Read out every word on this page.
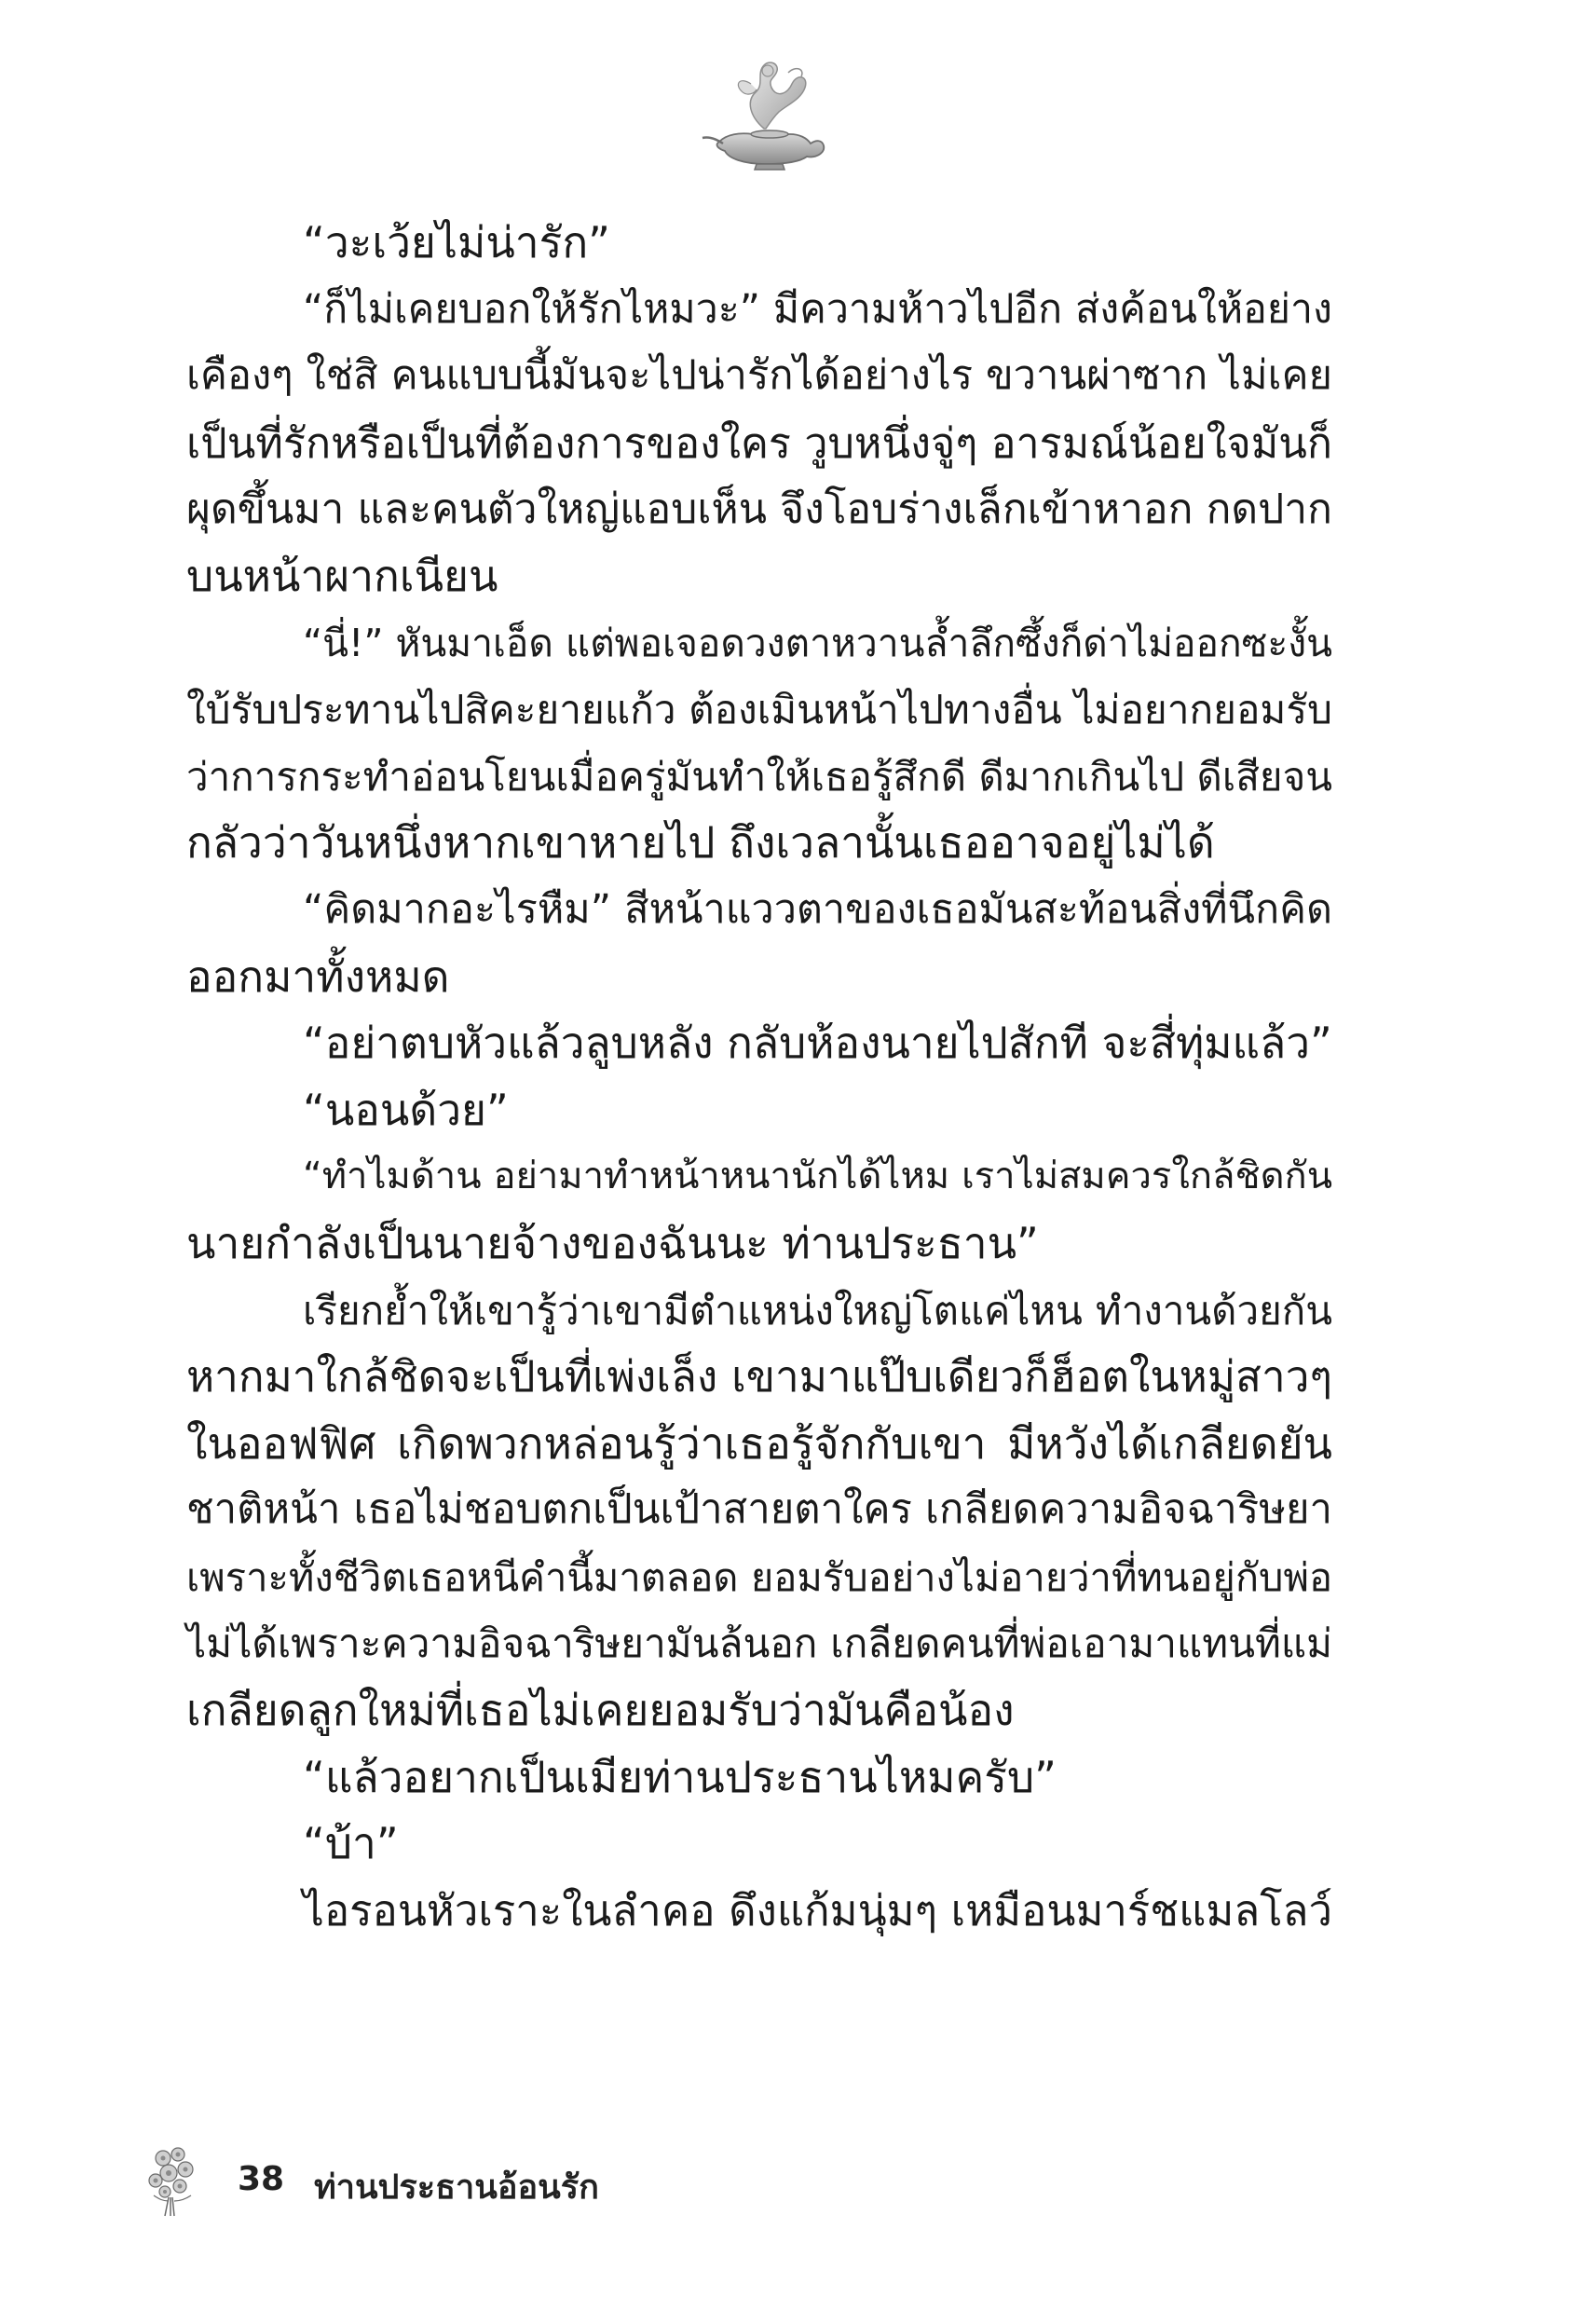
“วะเว้ยไม่น่ารัก”
“ก็ไม่เคยบอกให้รักไหมวะ” มีความห้าวไปอีก ส่งค้อนให้อย่าง
เคืองๆ ใช่สิ คนแบบนี้มันจะไปน่ารักได้อย่างไร ขวานผ่าซาก ไม่เคย
เป็นที่รักหรือเป็นที่ต้องการของใคร วูบหนึ่งจู่ๆ อารมณ์น้อยใจมันก็
ผุดขึ้นมา และคนตัวใหญ่แอบเห็น จึงโอบร่างเล็กเข้าหาอก กดปาก
บนหน้าผากเนียน
“นี่!” หันมาเอ็ด แต่พอเจอดวงตาหวานล้ำลึกซึ้งก็ด่าไม่ออกซะงั้น
ใบ้รับประทานไปสิคะยายแก้ว ต้องเมินหน้าไปทางอื่น ไม่อยากยอมรับ
ว่าการกระทำอ่อนโยนเมื่อครู่มันทำให้เธอรู้สึกดี ดีมากเกินไป ดีเสียจน
กลัวว่าวันหนึ่งหากเขาหายไป ถึงเวลานั้นเธออาจอยู่ไม่ได้
“คิดมากอะไรหืม” สีหน้าแววตาของเธอมันสะท้อนสิ่งที่นึกคิด
ออกมาทั้งหมด
“อย่าตบหัวแล้วลูบหลัง กลับห้องนายไปสักที จะสี่ทุ่มแล้ว”
“นอนด้วย”
“ทำไมด้าน อย่ามาทำหน้าหนานักได้ไหม เราไม่สมควรใกล้ชิดกัน
นายกำลังเป็นนายจ้างของฉันนะ ท่านประธาน”
เรียกย้ำให้เขารู้ว่าเขามีตำแหน่งใหญ่โตแค่ไหน ทำงานด้วยกัน
หากมาใกล้ชิดจะเป็นที่เพ่งเล็ง เขามาแป๊บเดียวก็ฮ็อตในหมู่สาวๆ
ในออฟฟิศ เกิดพวกหล่อนรู้ว่าเธอรู้จักกับเขา มีหวังได้เกลียดยัน
ชาติหน้า เธอไม่ชอบตกเป็นเป้าสายตาใคร เกลียดความอิจฉาริษยา
เพราะทั้งชีวิตเธอหนีคำนี้มาตลอด ยอมรับอย่างไม่อายว่าที่ทนอยู่กับพ่อ
ไม่ได้เพราะความอิจฉาริษยามันล้นอก เกลียดคนที่พ่อเอามาแทนที่แม่
เกลียดลูกใหม่ที่เธอไม่เคยยอมรับว่ามันคือน้อง
“แล้วอยากเป็นเมียท่านประธานไหมครับ”
“บ้า”
ไอรอนหัวเราะในลำคอ ดึงแก้มนุ่มๆ เหมือนมาร์ชแมลโลว์
38 ท่านประธานอ้อนรัก
